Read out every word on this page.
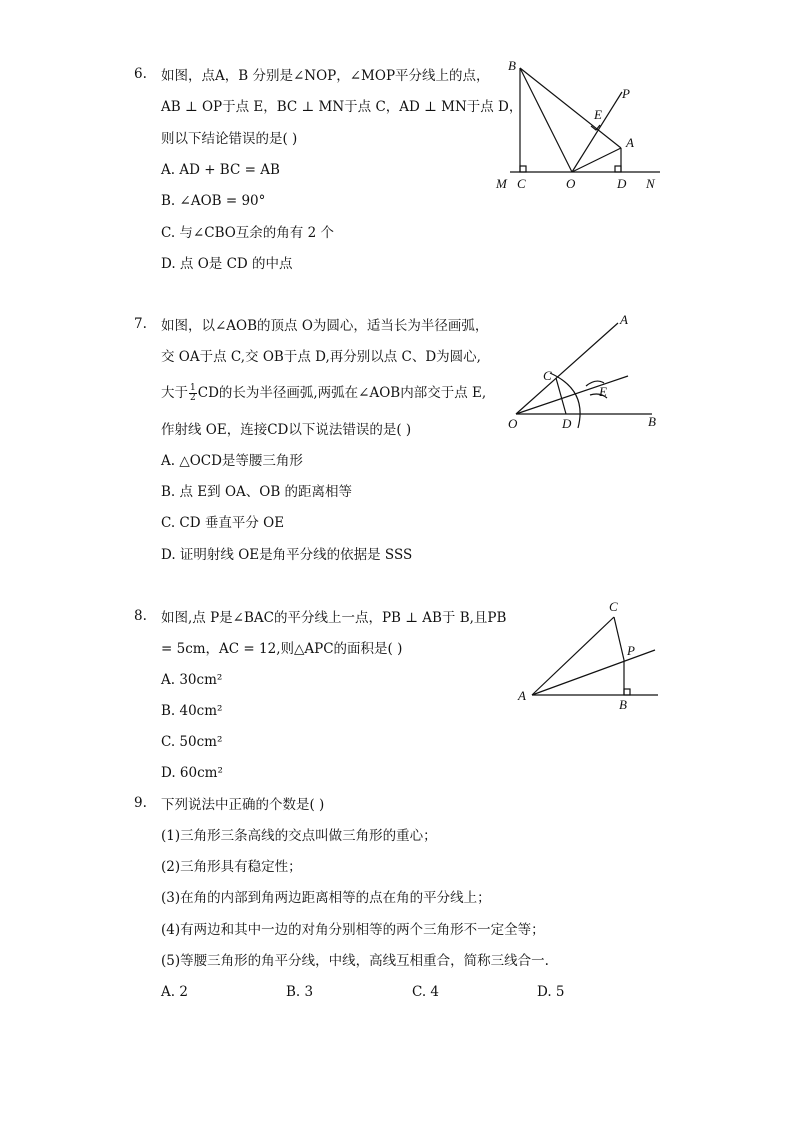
6. 如图，点A，B 分别是∠NOP，∠MOP平分线上的点，
AB ⊥ OP于点 E，BC ⊥ MN于点 C，AD ⊥ MN于点 D，
则以下结论错误的是( )
A. AD + BC = AB
B. ∠AOB = 90°
C. 与∠CBO互余的角有 2 个
D. 点 O是 CD 的中点
B
P
E
A
M C	O	D N
7. 如图，以∠AOB的顶点 O为圆心，适当长为半径画弧，
交 OA于点 C,交 OB于点 D,再分别以点 C、D为圆心,
大于 $\frac{1}{2}$ CD的长为半径画弧,两弧在∠AOB内部交于点 E,
作射线 OE，连接CD以下说法错误的是( )
A. △OCD是等腰三角形
B. 点 E到 OA、OB 的距离相等
C. CD 垂直平分 OE
D. 证明射线 OE是角平分线的依据是 SSS
A
C
E
O	D	B
8. 如图,点 P是∠BAC的平分线上一点，PB ⊥ AB于 B,且PB
= 5cm，AC = 12,则△APC的面积是( )
A. 30cm²
B. 40cm²
C. 50cm²
D. 60cm²
C
P
A
B
9. 下列说法中正确的个数是( )
(1)三角形三条高线的交点叫做三角形的重心；
(2)三角形具有稳定性；
(3)在角的内部到角两边距离相等的点在角的平分线上；
(4)有两边和其中一边的对角分别相等的两个三角形不一定全等；
(5)等腰三角形的角平分线，中线，高线互相重合，简称三线合一.
A. 2	B. 3	C. 4	D. 5
